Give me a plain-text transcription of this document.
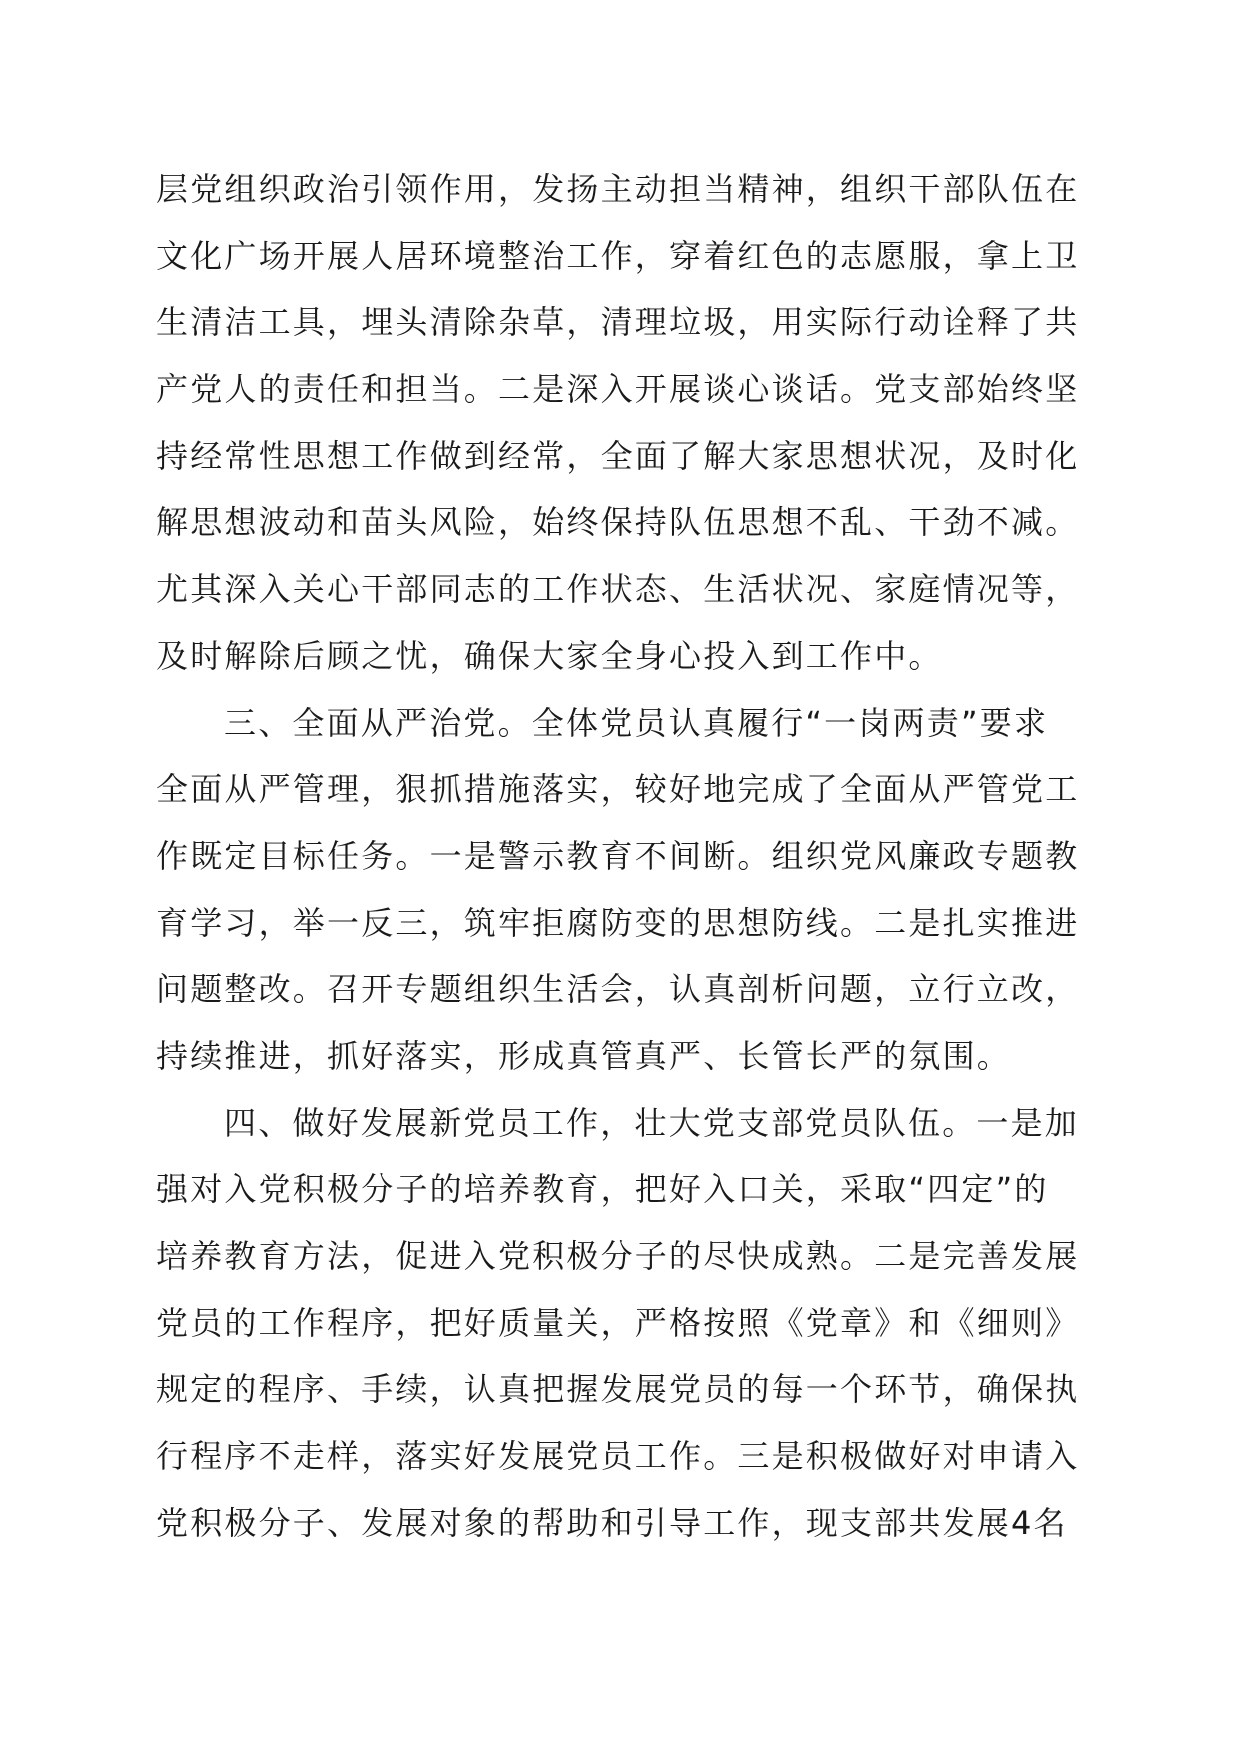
层党组织政治引领作用，发扬主动担当精神，组织干部队伍在
文化广场开展人居环境整治工作，穿着红色的志愿服，拿上卫
生清洁工具，埋头清除杂草，清理垃圾，用实际行动诠释了共
产党人的责任和担当。二是深入开展谈心谈话。党支部始终坚
持经常性思想工作做到经常，全面了解大家思想状况，及时化
解思想波动和苗头风险，始终保持队伍思想不乱、干劲不减。
尤其深入关心干部同志的工作状态、生活状况、家庭情况等，
及时解除后顾之忧，确保大家全身心投入到工作中。
三、全面从严治党。全体党员认真履行“一岗两责”要求
全面从严管理，狠抓措施落实，较好地完成了全面从严管党工
作既定目标任务。一是警示教育不间断。组织党风廉政专题教
育学习，举一反三，筑牢拒腐防变的思想防线。二是扎实推进
问题整改。召开专题组织生活会，认真剖析问题，立行立改，
持续推进，抓好落实，形成真管真严、长管长严的氛围。
四、做好发展新党员工作，壮大党支部党员队伍。一是加
强对入党积极分子的培养教育，把好入口关，采取“四定”的
培养教育方法，促进入党积极分子的尽快成熟。二是完善发展
党员的工作程序，把好质量关，严格按照《党章》和《细则》
规定的程序、手续，认真把握发展党员的每一个环节，确保执
行程序不走样，落实好发展党员工作。三是积极做好对申请入
党积极分子、发展对象的帮助和引导工作，现支部共发展4名
